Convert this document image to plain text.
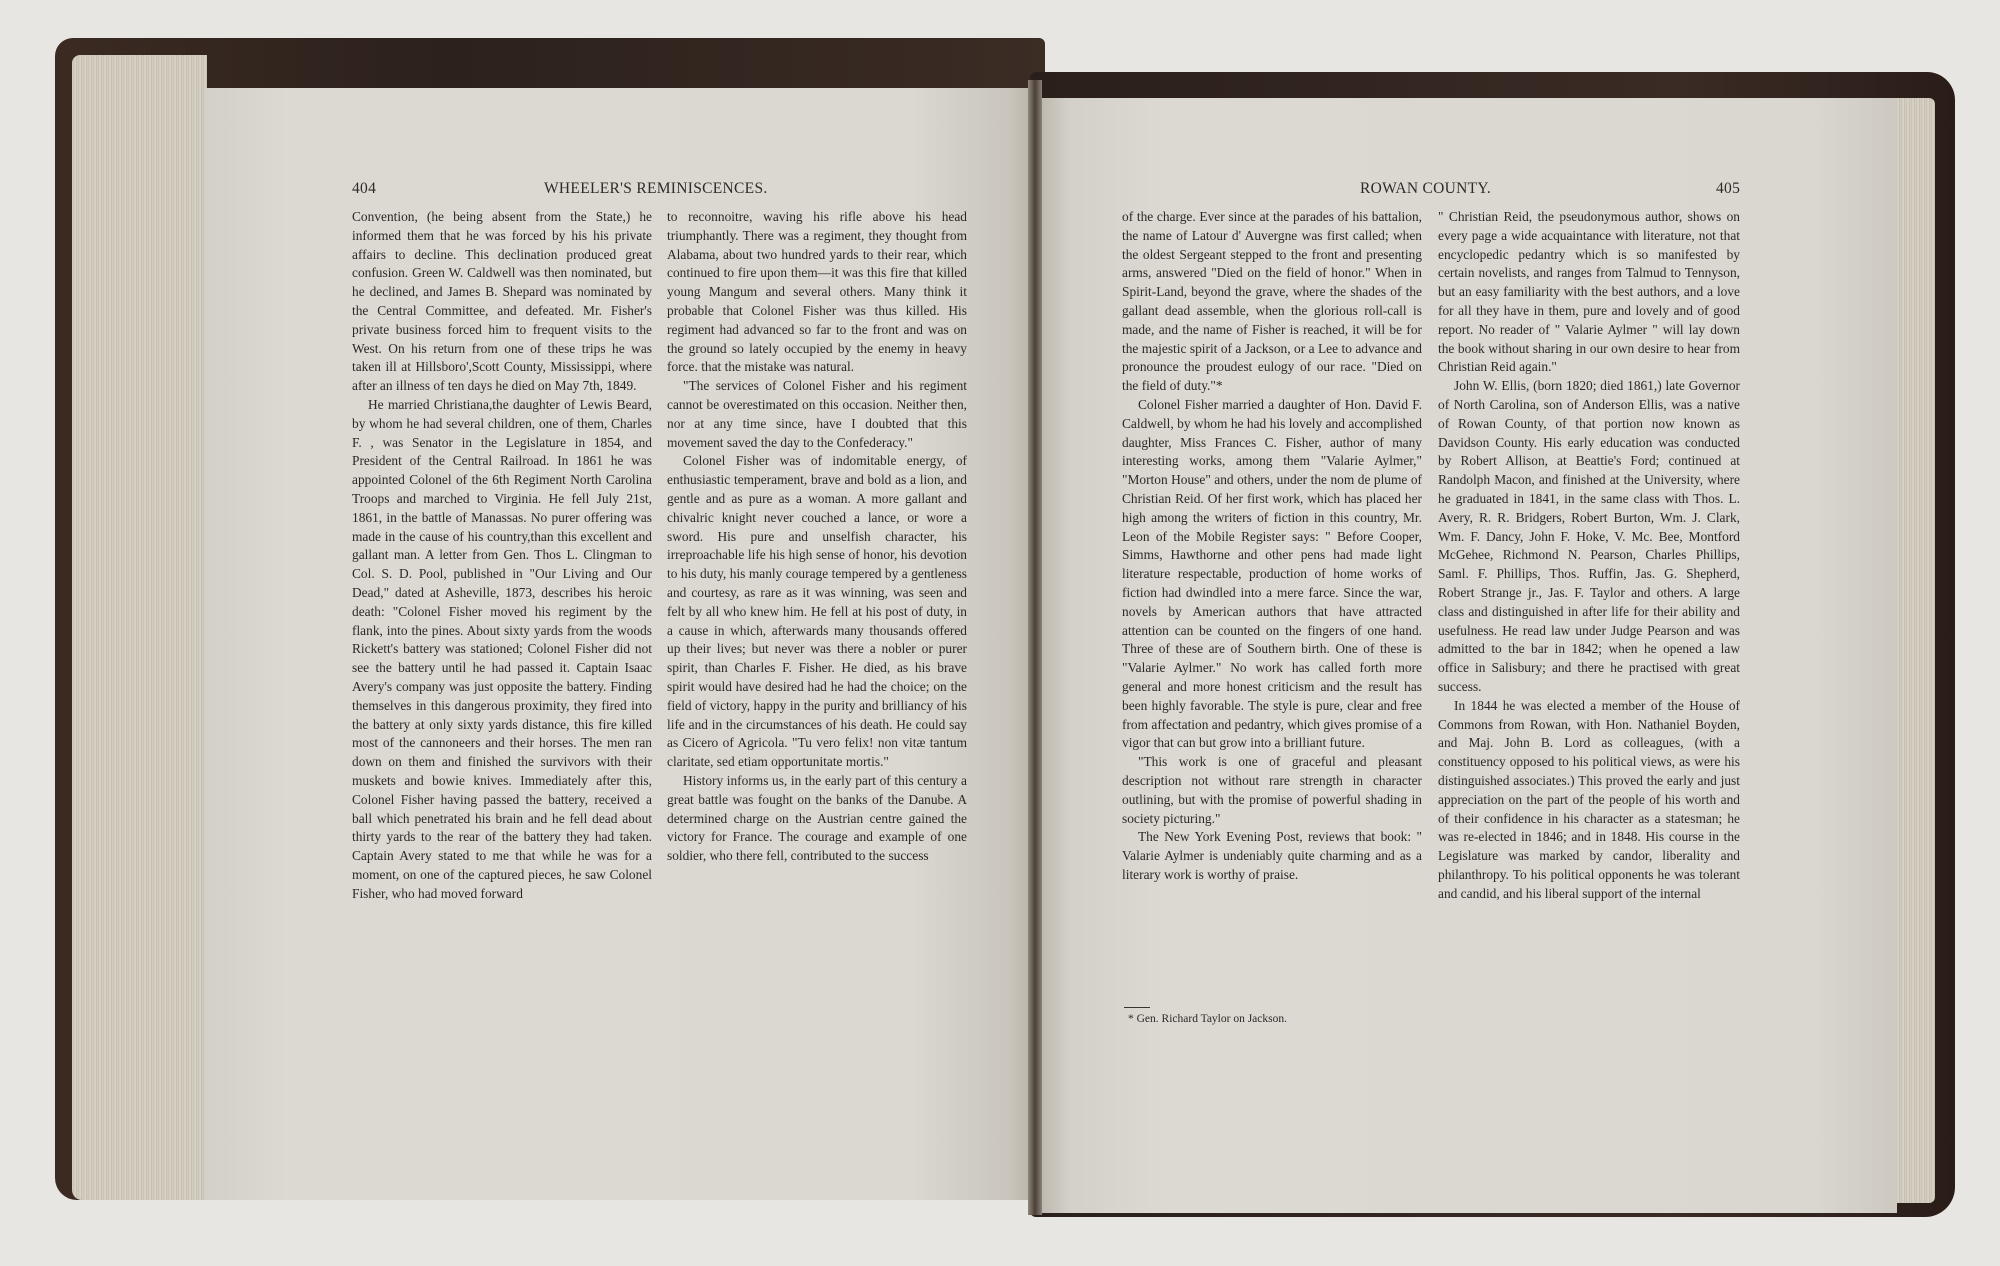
404	WHEELER'S REMINISCENCES.

Convention, (he being absent from the State,) he informed them that he was forced by his his private affairs to decline. This declination produced great confusion. Green W. Caldwell was then nominated, but he declined, and James B. Shepard was nominated by the Central Committee, and defeated. Mr. Fisher's private business forced him to frequent visits to the West. On his return from one of these trips he was taken ill at Hillsboro',Scott County, Mississippi, where after an illness of ten days he died on May 7th, 1849.

He married Christiana,the daughter of Lewis Beard, by whom he had several children, one of them, Charles F. , was Senator in the Legislature in 1854, and President of the Central Railroad. In 1861 he was appointed Colonel of the 6th Regiment North Carolina Troops and marched to Virginia. He fell July 21st, 1861, in the battle of Manassas. No purer offering was made in the cause of his country,than this excellent and gallant man. A letter from Gen. Thos L. Clingman to Col. S. D. Pool, published in "Our Living and Our Dead," dated at Asheville, 1873, describes his heroic death: "Colonel Fisher moved his regiment by the flank, into the pines. About sixty yards from the woods Rickett's battery was stationed; Colonel Fisher did not see the battery until he had passed it. Captain Isaac Avery's company was just opposite the battery. Finding themselves in this dangerous proximity, they fired into the battery at only sixty yards distance, this fire killed most of the cannoneers and their horses. The men ran down on them and finished the survivors with their muskets and bowie knives. Immediately after this, Colonel Fisher having passed the battery, received a ball which penetrated his brain and he fell dead about thirty yards to the rear of the battery they had taken. Captain Avery stated to me that while he was for a moment, on one of the captured pieces, he saw Colonel Fisher, who had moved forward

to reconnoitre, waving his rifle above his head triumphantly. There was a regiment, they thought from Alabama, about two hundred yards to their rear, which continued to fire upon them—it was this fire that killed young Mangum and several others. Many think it probable that Colonel Fisher was thus killed. His regiment had advanced so far to the front and was on the ground so lately occupied by the enemy in heavy force. that the mistake was natural.

"The services of Colonel Fisher and his regiment cannot be overestimated on this occasion. Neither then, nor at any time since, have I doubted that this movement saved the day to the Confederacy."

Colonel Fisher was of indomitable energy, of enthusiastic temperament, brave and bold as a lion, and gentle and as pure as a woman. A more gallant and chivalric knight never couched a lance, or wore a sword. His pure and unselfish character, his irreproachable life his high sense of honor, his devotion to his duty, his manly courage tempered by a gentleness and courtesy, as rare as it was winning, was seen and felt by all who knew him. He fell at his post of duty, in a cause in which, afterwards many thousands offered up their lives; but never was there a nobler or purer spirit, than Charles F. Fisher. He died, as his brave spirit would have desired had he had the choice; on the field of victory, happy in the purity and brilliancy of his life and in the circumstances of his death. He could say as Cicero of Agricola. "Tu vero felix! non vitæ tantum claritate, sed etiam opportunitate mortis."

History informs us, in the early part of this century a great battle was fought on the banks of the Danube. A determined charge on the Austrian centre gained the victory for France. The courage and example of one soldier, who there fell, contributed to the success

ROWAN COUNTY.	405

of the charge. Ever since at the parades of his battalion, the name of Latour d' Auvergne was first called; when the oldest Sergeant stepped to the front and presenting arms, answered "Died on the field of honor." When in Spirit-Land, beyond the grave, where the shades of the gallant dead assemble, when the glorious roll-call is made, and the name of Fisher is reached, it will be for the majestic spirit of a Jackson, or a Lee to advance and pronounce the proudest eulogy of our race. "Died on the field of duty."*

Colonel Fisher married a daughter of Hon. David F. Caldwell, by whom he had his lovely and accomplished daughter, Miss Frances C. Fisher, author of many interesting works, among them "Valarie Aylmer," "Morton House" and others, under the nom de plume of Christian Reid. Of her first work, which has placed her high among the writers of fiction in this country, Mr. Leon of the Mobile Register says: " Before Cooper, Simms, Hawthorne and other pens had made light literature respectable, production of home works of fiction had dwindled into a mere farce. Since the war, novels by American authors that have attracted attention can be counted on the fingers of one hand. Three of these are of Southern birth. One of these is "Valarie Aylmer." No work has called forth more general and more honest criticism and the result has been highly favorable. The style is pure, clear and free from affectation and pedantry, which gives promise of a vigor that can but grow into a brilliant future.

"This work is one of graceful and pleasant description not without rare strength in character outlining, but with the promise of powerful shading in society picturing."

The New York Evening Post, reviews that book: " Valarie Aylmer is undeniably quite charming and as a literary work is worthy of praise.

* Gen. Richard Taylor on Jackson.

" Christian Reid, the pseudonymous author, shows on every page a wide acquaintance with literature, not that encyclopedic pedantry which is so manifested by certain novelists, and ranges from Talmud to Tennyson, but an easy familiarity with the best authors, and a love for all they have in them, pure and lovely and of good report. No reader of " Valarie Aylmer " will lay down the book without sharing in our own desire to hear from Christian Reid again."

John W. Ellis, (born 1820; died 1861,) late Governor of North Carolina, son of Anderson Ellis, was a native of Rowan County, of that portion now known as Davidson County. His early education was conducted by Robert Allison, at Beattie's Ford; continued at Randolph Macon, and finished at the University, where he graduated in 1841, in the same class with Thos. L. Avery, R. R. Bridgers, Robert Burton, Wm. J. Clark, Wm. F. Dancy, John F. Hoke, V. Mc. Bee, Montford McGehee, Richmond N. Pearson, Charles Phillips, Saml. F. Phillips, Thos. Ruffin, Jas. G. Shepherd, Robert Strange jr., Jas. F. Taylor and others. A large class and distinguished in after life for their ability and usefulness. He read law under Judge Pearson and was admitted to the bar in 1842; when he opened a law office in Salisbury; and there he practised with great success.

In 1844 he was elected a member of the House of Commons from Rowan, with Hon. Nathaniel Boyden, and Maj. John B. Lord as colleagues, (with a constituency opposed to his political views, as were his distinguished associates.) This proved the early and just appreciation on the part of the people of his worth and of their confidence in his character as a statesman; he was re-elected in 1846; and in 1848. His course in the Legislature was marked by candor, liberality and philanthropy. To his political opponents he was tolerant and candid, and his liberal support of the internal
